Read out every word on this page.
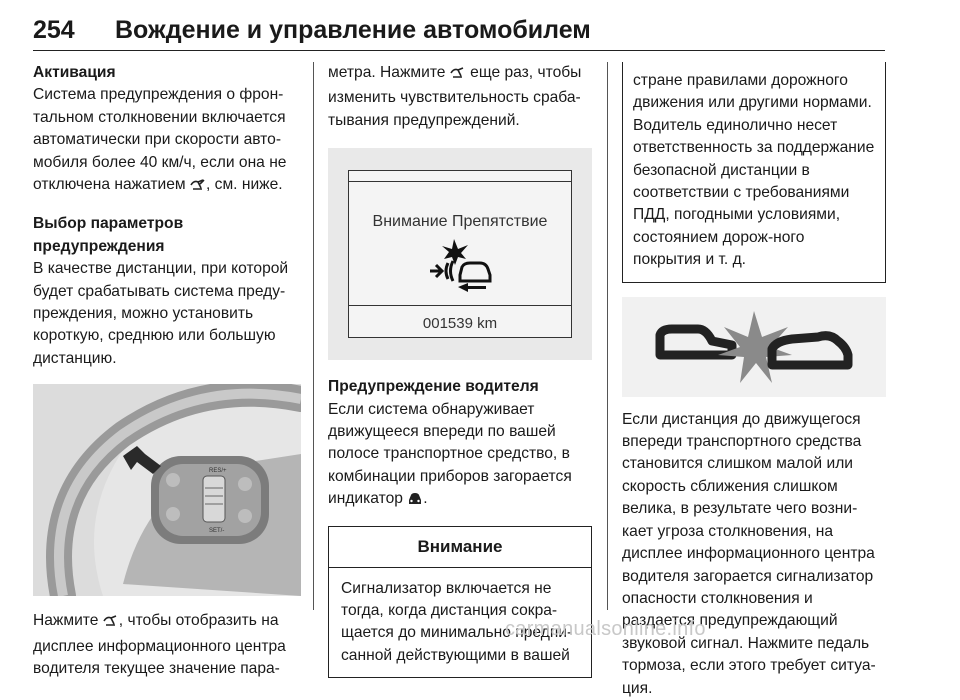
254 Вождение и управление автомобилем

Активация

Система предупреждения о фрон-тальном столкновении включается автоматически при скорости авто-мобиля более 40 км/ч, если она не отключена нажатием , см. ниже.

Выбор параметров предупреждения

В качестве дистанции, при которой будет срабатывать система преду-преждения, можно установить короткую, среднюю или большую дистанцию.

RES/+
SET/-

Нажмите , чтобы отобразить на дисплее информационного центра водителя текущее значение пара-

метра. Нажмите еще раз, чтобы изменить чувствительность сраба-тывания предупреждений.

Внимание Препятствие
001539 km

Предупреждение водителя

Если система обнаруживает движущееся впереди по вашей полосе транспортное средство, в комбинации приборов загорается индикатор .

Внимание
Сигнализатор включается не тогда, когда дистанция сокра-щается до минимально предпи-санной действующими в вашей

стране правилами дорожного движения или другими нормами. Водитель единолично несет ответственность за поддержание безопасной дистанции в соответствии с требованиями ПДД, погодными условиями, состоянием дорож-ного покрытия и т. д.

Если дистанция до движущегося впереди транспортного средства становится слишком малой или скорость сближения слишком велика, в результате чего возни-кает угроза столкновения, на дисплее информационного центра водителя загорается сигнализатор опасности столкновения и раздается предупреждающий звуковой сигнал. Нажмите педаль тормоза, если этого требует ситуа-ция.

carmanualsonline.info
